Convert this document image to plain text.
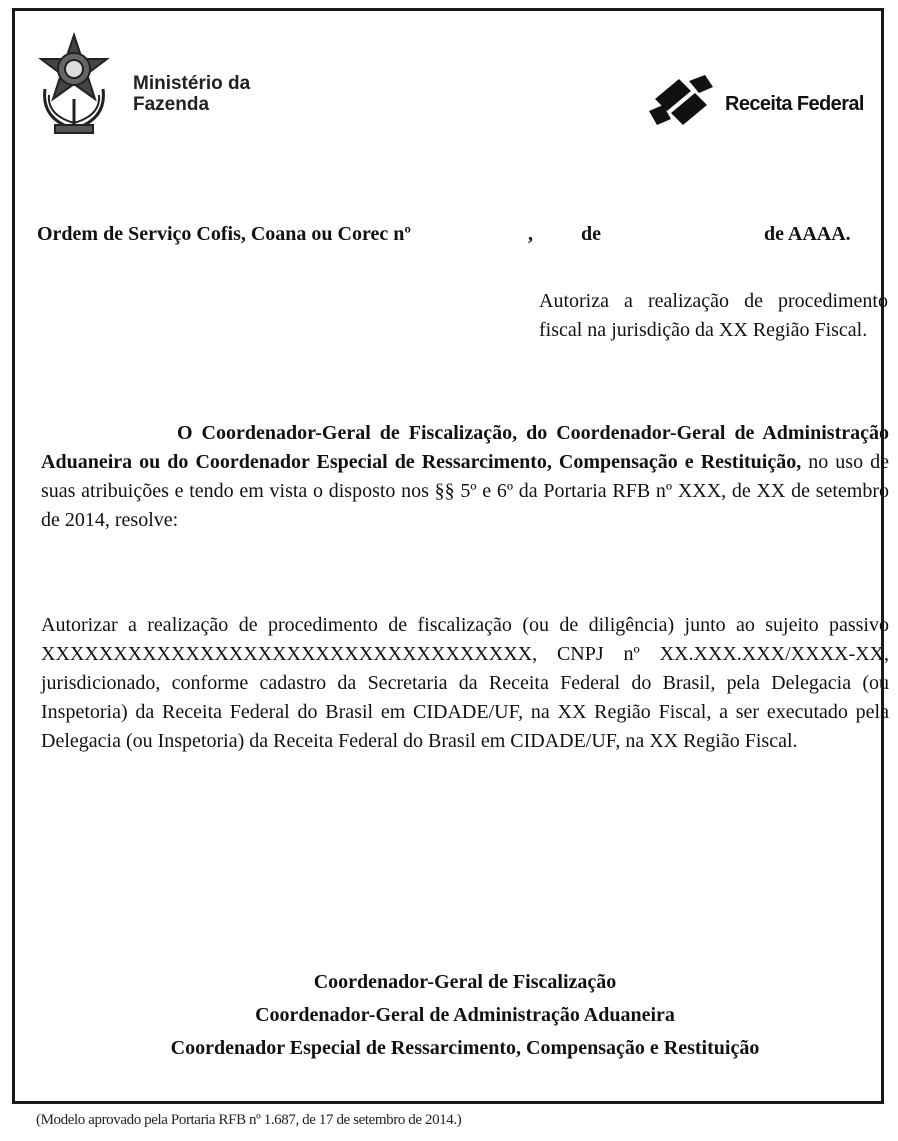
Ministério da
Fazenda	Receita Federal
Ordem de Serviço Cofis, Coana ou Corec nº	, de	de AAAA.
Autoriza a realização de procedimento fiscal na jurisdição da XX Região Fiscal.
O Coordenador-Geral de Fiscalização, do Coordenador-Geral de Administração Aduaneira ou do Coordenador Especial de Ressarcimento, Compensação e Restituição, no uso de suas atribuições e tendo em vista o disposto nos §§ 5º e 6º da Portaria RFB nº XXX, de XX de setembro de 2014, resolve:
Autorizar a realização de procedimento de fiscalização (ou de diligência) junto ao sujeito passivo XXXXXXXXXXXXXXXXXXXXXXXXXXXXXXXXXX, CNPJ nº XX.XXX.XXX/XXXX-XX, jurisdicionado, conforme cadastro da Secretaria da Receita Federal do Brasil, pela Delegacia (ou Inspetoria) da Receita Federal do Brasil em CIDADE/UF, na XX Região Fiscal, a ser executado pela Delegacia (ou Inspetoria) da Receita Federal do Brasil em CIDADE/UF, na XX Região Fiscal.
Coordenador-Geral de Fiscalização
Coordenador-Geral de Administração Aduaneira
Coordenador Especial de Ressarcimento, Compensação e Restituição
(Modelo aprovado pela Portaria RFB nº 1.687, de 17 de setembro de 2014.)
